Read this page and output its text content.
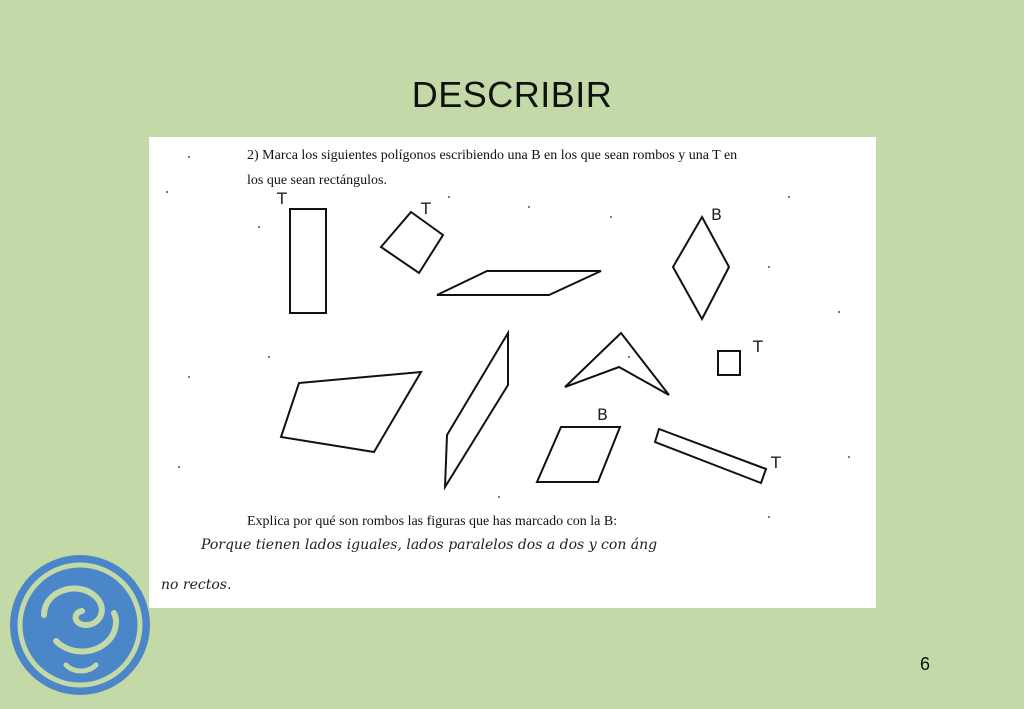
DESCRIBIR
2) Marca los siguientes polígonos escribiendo una B en los que sean rombos y una T en
los que sean rectángulos.
T
T	B
T
B
T
Explica por qué son rombos las figuras que has marcado con la B:
Porque tienen lados iguales, lados paralelos dos a dos y con áng
no rectos.
6
